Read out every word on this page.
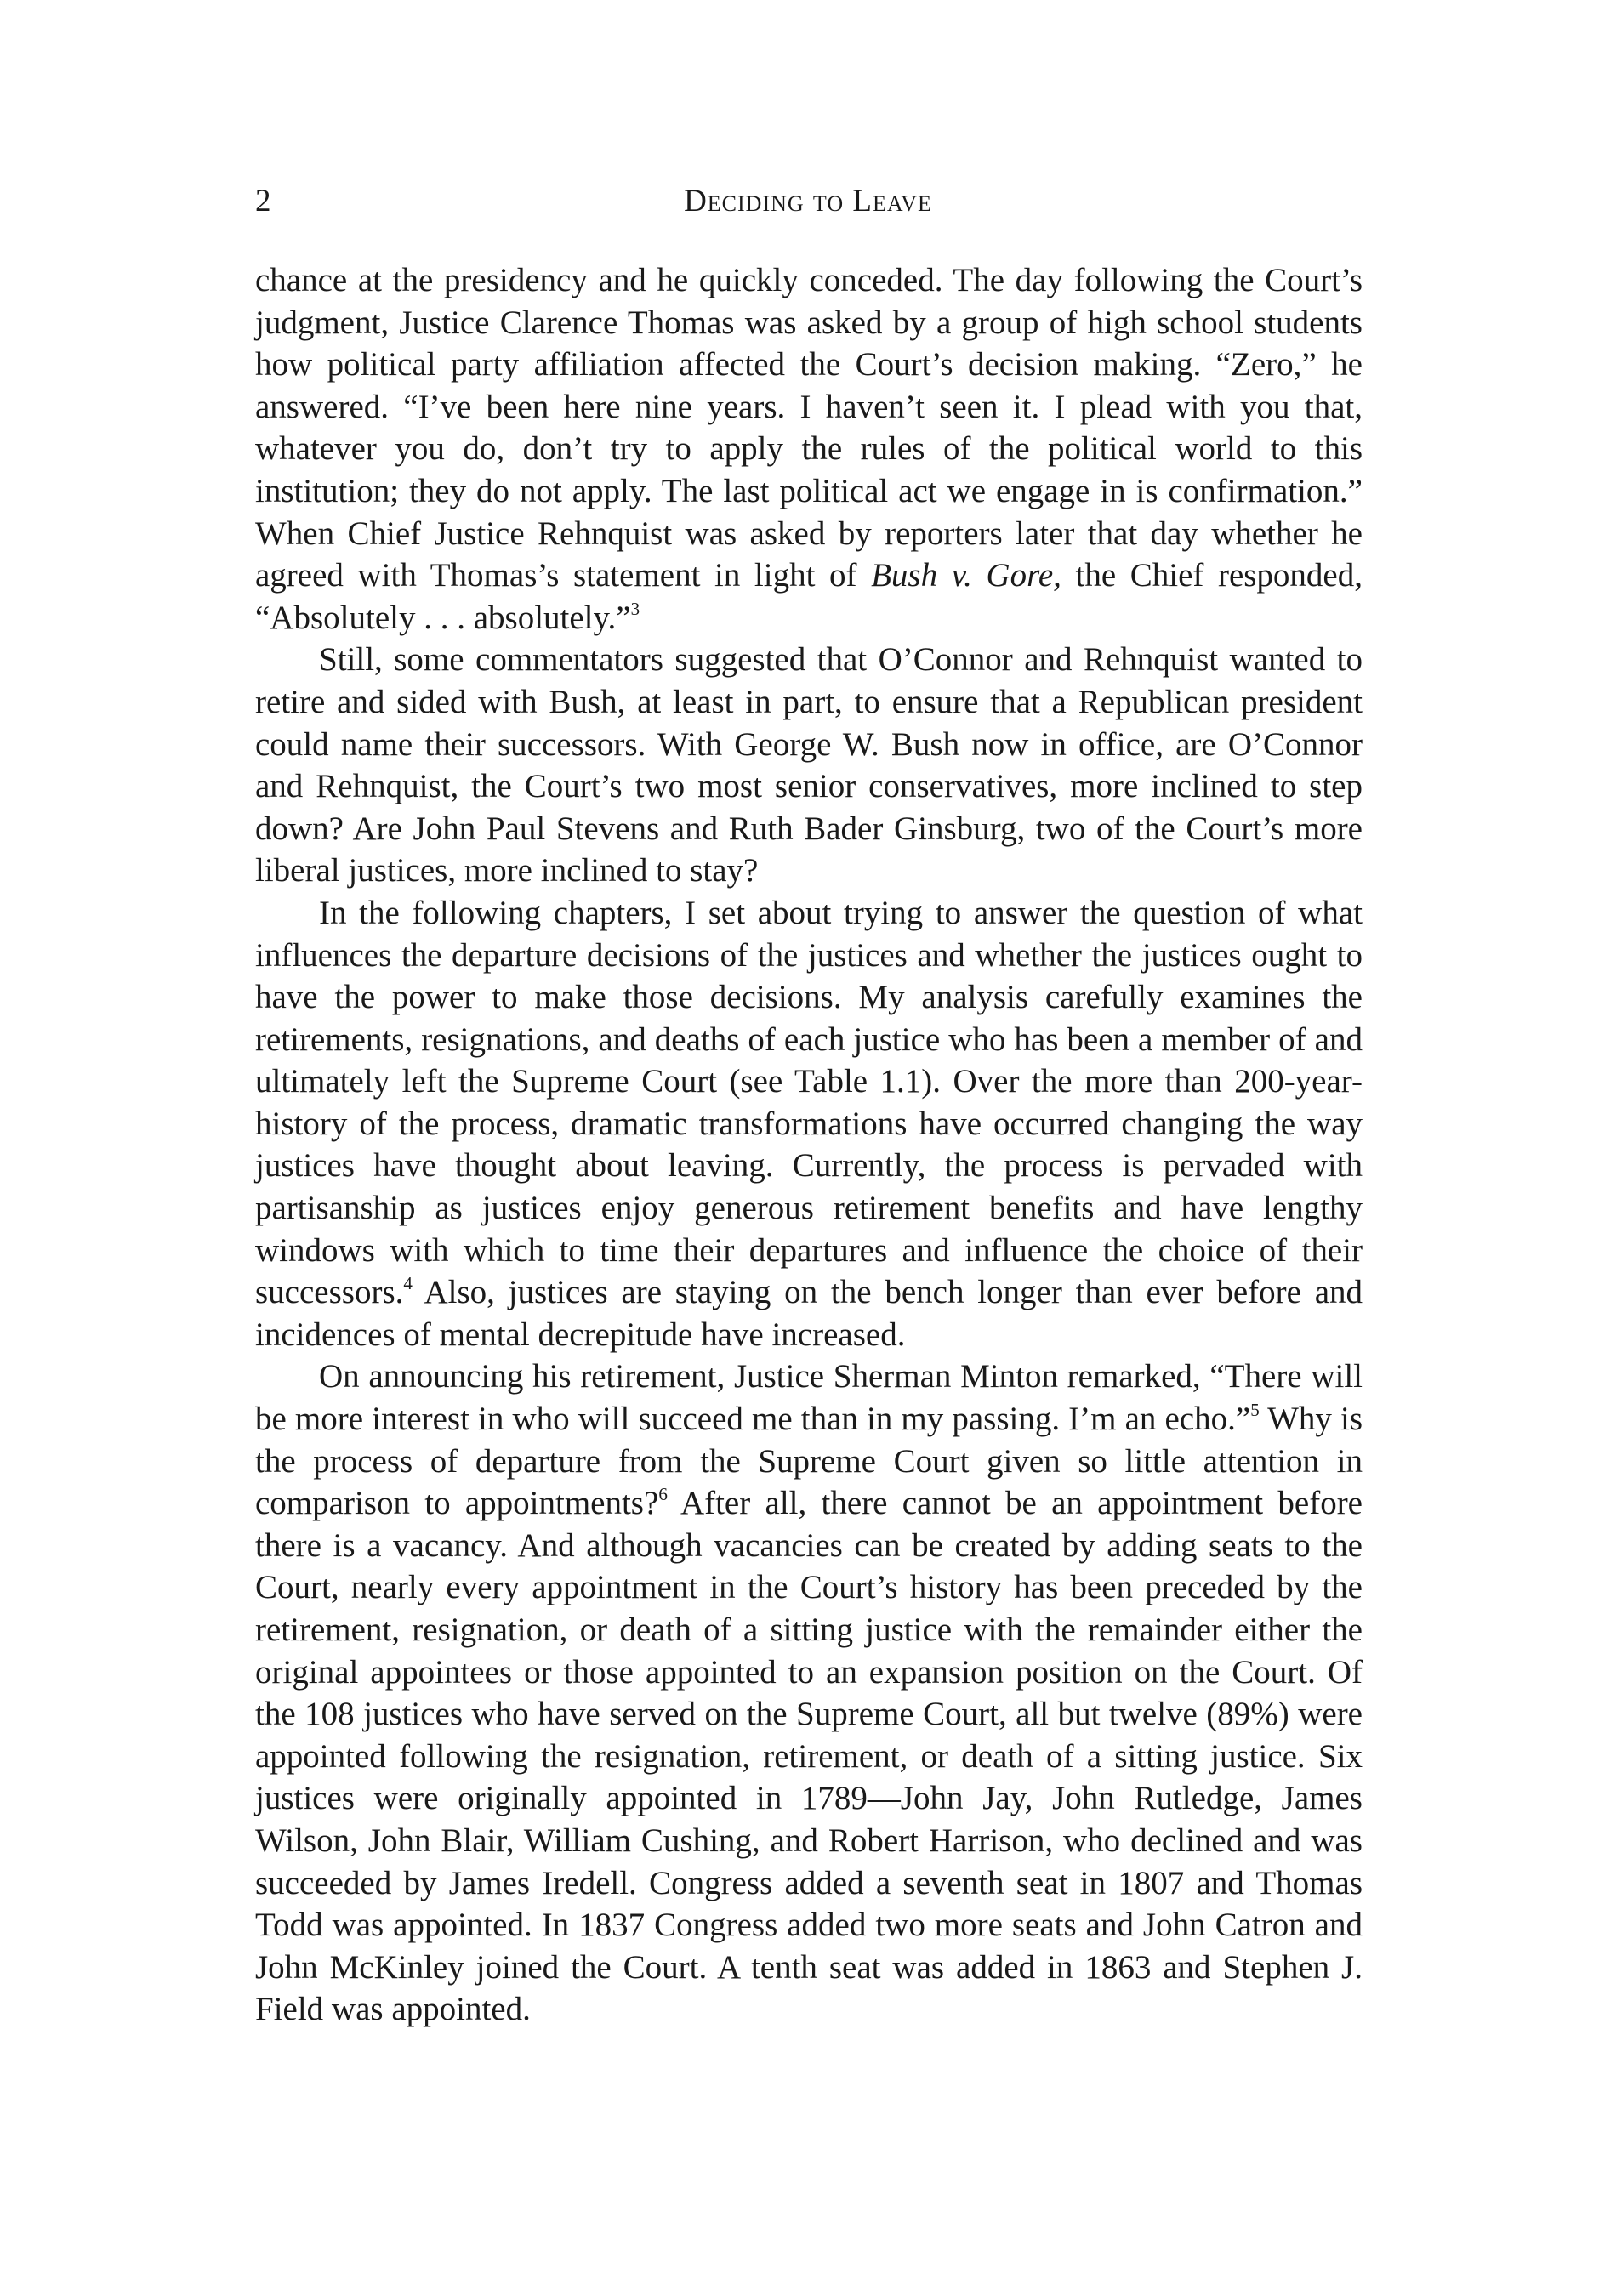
2	Deciding to Leave

chance at the presidency and he quickly conceded. The day following the Court’s judgment, Justice Clarence Thomas was asked by a group of high school students how political party affiliation affected the Court’s decision making. “Zero,” he answered. “I’ve been here nine years. I haven’t seen it. I plead with you that, whatever you do, don’t try to apply the rules of the political world to this institution; they do not apply. The last political act we engage in is confirmation.” When Chief Justice Rehnquist was asked by reporters later that day whether he agreed with Thomas’s statement in light of Bush v. Gore, the Chief responded, “Absolutely . . . absolutely.”$^3$

Still, some commentators suggested that O’Connor and Rehnquist wanted to retire and sided with Bush, at least in part, to ensure that a Republican president could name their successors. With George W. Bush now in office, are O’Connor and Rehnquist, the Court’s two most senior conservatives, more inclined to step down? Are John Paul Stevens and Ruth Bader Ginsburg, two of the Court’s more liberal justices, more inclined to stay?

In the following chapters, I set about trying to answer the question of what influences the departure decisions of the justices and whether the justices ought to have the power to make those decisions. My analysis carefully examines the retirements, resignations, and deaths of each justice who has been a member of and ultimately left the Supreme Court (see Table 1.1). Over the more than 200-year-history of the process, dramatic transformations have occurred changing the way justices have thought about leaving. Currently, the process is pervaded with partisanship as justices enjoy generous retirement benefits and have lengthy windows with which to time their departures and influence the choice of their successors.$^4$ Also, justices are staying on the bench longer than ever before and incidences of mental decrepitude have increased.

On announcing his retirement, Justice Sherman Minton remarked, “There will be more interest in who will succeed me than in my passing. I’m an echo.”$^5$ Why is the process of departure from the Supreme Court given so little attention in comparison to appointments?$^6$ After all, there cannot be an appointment before there is a vacancy. And although vacancies can be created by adding seats to the Court, nearly every appointment in the Court’s history has been preceded by the retirement, resignation, or death of a sitting justice with the remainder either the original appointees or those appointed to an expansion position on the Court. Of the 108 justices who have served on the Supreme Court, all but twelve (89%) were appointed following the resignation, retirement, or death of a sitting justice. Six justices were originally appointed in 1789—John Jay, John Rutledge, James Wilson, John Blair, William Cushing, and Robert Harrison, who declined and was succeeded by James Iredell. Congress added a seventh seat in 1807 and Thomas Todd was appointed. In 1837 Congress added two more seats and John Catron and John McKinley joined the Court. A tenth seat was added in 1863 and Stephen J. Field was appointed.
